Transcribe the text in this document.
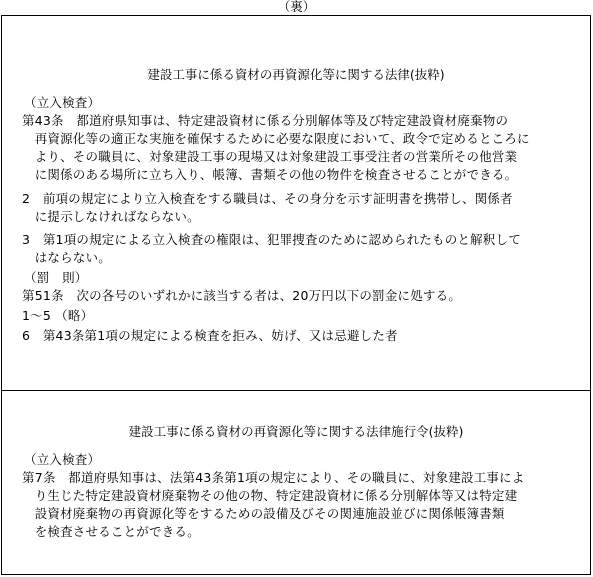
（裏）
建設工事に係る資材の再資源化等に関する法律(抜粋)
（立入検査）
第43条　都道府県知事は、特定建設資材に係る分別解体等及び特定建設資材廃棄物の
　再資源化等の適正な実施を確保するために必要な限度において、政令で定めるところに
　より、その職員に、対象建設工事の現場又は対象建設工事受注者の営業所その他営業
　に関係のある場所に立ち入り、帳簿、書類その他の物件を検査させることができる。
2　前項の規定により立入検査をする職員は、その身分を示す証明書を携帯し、関係者
　に提示しなければならない。
3　第1項の規定による立入検査の権限は、犯罪捜査のために認められたものと解釈して
　はならない。
（罰　則）
第51条　次の各号のいずれかに該当する者は、20万円以下の罰金に処する。
1～5 （略）
6　第43条第1項の規定による検査を拒み、妨げ、又は忌避した者
建設工事に係る資材の再資源化等に関する法律施行令(抜粋)
（立入検査）
第7条　都道府県知事は、法第43条第1項の規定により、その職員に、対象建設工事によ
　り生じた特定建設資材廃棄物その他の物、特定建設資材に係る分別解体等又は特定建
　設資材廃棄物の再資源化等をするための設備及びその関連施設並びに関係帳簿書類
　を検査させることができる。
